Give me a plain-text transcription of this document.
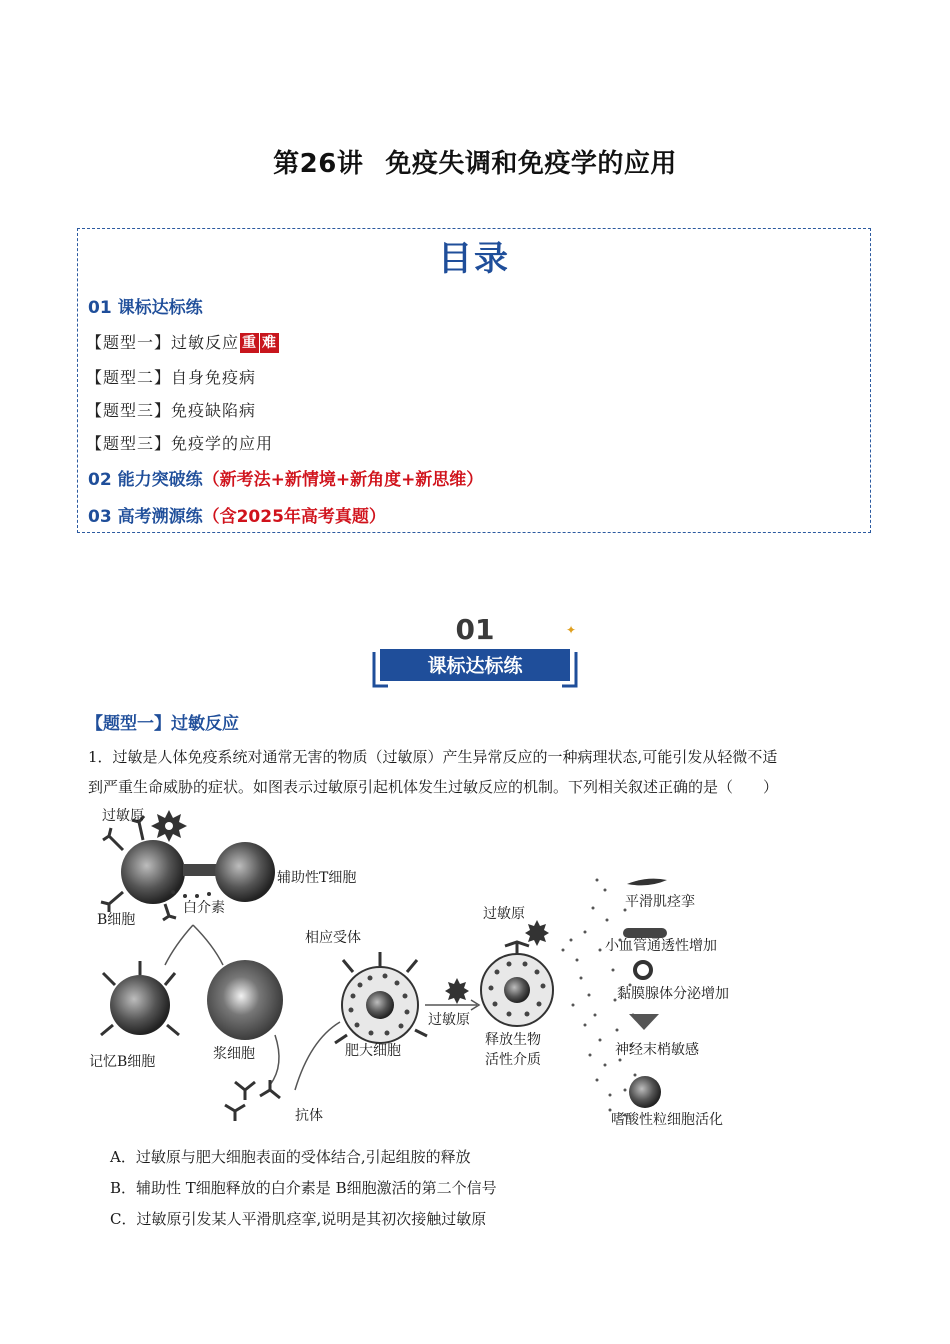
第26讲 免疫失调和免疫学的应用
目录
01 课标达标练
【题型一】过敏反应 重 难
【题型二】自身免疫病
【题型三】免疫缺陷病
【题型三】免疫学的应用
02 能力突破练（新考法+新情境+新角度+新思维）
03 高考溯源练（含2025年高考真题）
01
课标达标练
✦
【题型一】过敏反应
1．过敏是人体免疫系统对通常无害的物质（过敏原）产生异常反应的一种病理状态,可能引发从轻微不适
到严重生命威胁的症状。如图表示过敏原引起机体发生过敏反应的机制。下列相关叙述正确的是（　　）
过敏原
辅助性T细胞
白介素
B细胞
记忆B细胞	浆细胞
抗体
相应受体
肥大细胞
过敏原
过敏原
释放生物
活性介质
平滑肌痉挛
小血管通透性增加
黏膜腺体分泌增加
神经末梢敏感
嗜酸性粒细胞活化
A．过敏原与肥大细胞表面的受体结合,引起组胺的释放
B．辅助性 T细胞释放的白介素是 B细胞激活的第二个信号
C．过敏原引发某人平滑肌痉挛,说明是其初次接触过敏原
